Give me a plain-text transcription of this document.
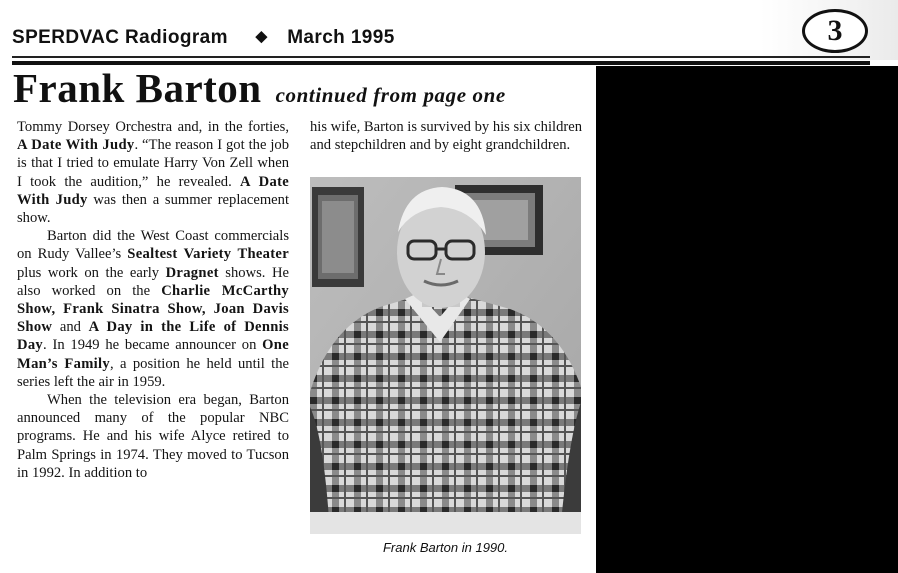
SPERDVAC Radiogram ◆ March 1995	3
Frank Barton continued from page one

Tommy Dorsey Orchestra and, in the forties, A Date With Judy. “The reason I got the job is that I tried to emulate Harry Von Zell when I took the audition,” he revealed. A Date With Judy was then a summer replacement show.

Barton did the West Coast commercials on Rudy Vallee’s Sealtest Variety Theater plus work on the early Dragnet shows. He also worked on the Charlie McCarthy Show, Frank Sinatra Show, Joan Davis Show and A Day in the Life of Dennis Day. In 1949 he became announcer on One Man’s Family, a position he held until the series left the air in 1959.

When the television era began, Barton announced many of the popular NBC programs. He and his wife Alyce retired to Palm Springs in 1974. They moved to Tucson in 1992. In addition to

his wife, Barton is survived by his six children and stepchildren and by eight grandchildren.

Frank Barton in 1990.
